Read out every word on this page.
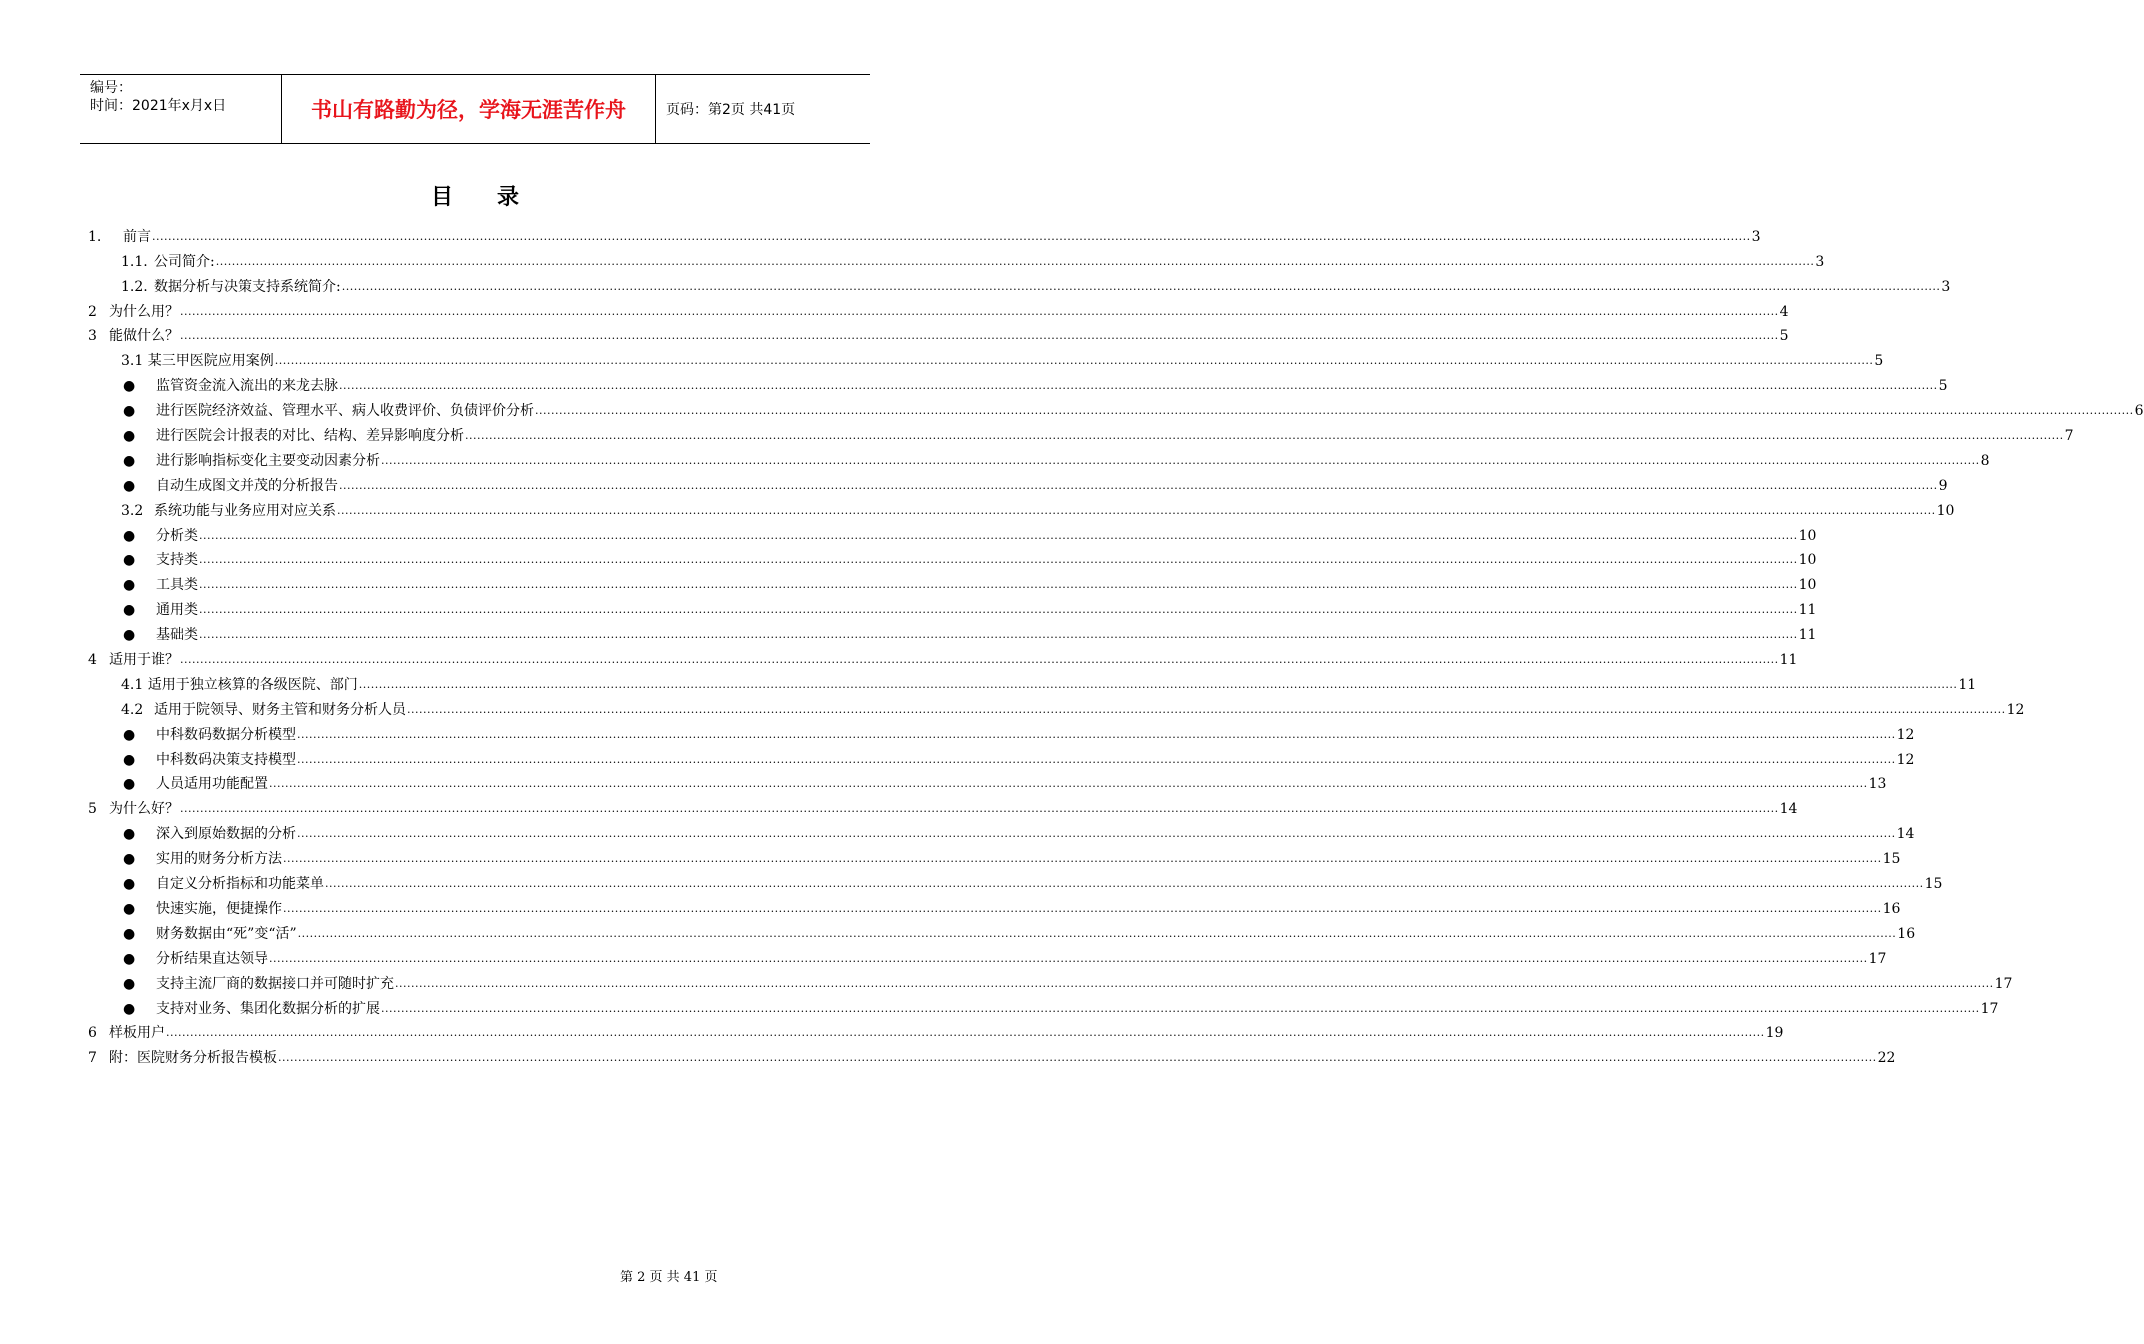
编号：
时间：2021年x月x日	书山有路勤为径，学海无涯苦作舟	页码：第2页 共41页
目录
1. 前言 ................................................................................................................................................................................................................................................................................................................................................................................................................ 3
1.1. 公司简介: ................................................................................................................................................................................................................................................................................................................................................................................................................ 3
1.2. 数据分析与决策支持系统简介: ................................................................................................................................................................................................................................................................................................................................................................................................................ 3
2 为什么用？ ................................................................................................................................................................................................................................................................................................................................................................................................................ 4
3 能做什么？ ................................................................................................................................................................................................................................................................................................................................................................................................................ 5
3.1 某三甲医院应用案例 ................................................................................................................................................................................................................................................................................................................................................................................................................ 5
● 监管资金流入流出的来龙去脉 ................................................................................................................................................................................................................................................................................................................................................................................................................ 5
● 进行医院经济效益、管理水平、病人收费评价、负债评价分析 ................................................................................................................................................................................................................................................................................................................................................................................................................ 6
● 进行医院会计报表的对比、结构、差异影响度分析 ................................................................................................................................................................................................................................................................................................................................................................................................................ 7
● 进行影响指标变化主要变动因素分析 ................................................................................................................................................................................................................................................................................................................................................................................................................ 8
● 自动生成图文并茂的分析报告 ................................................................................................................................................................................................................................................................................................................................................................................................................ 9
3.2 系统功能与业务应用对应关系 ................................................................................................................................................................................................................................................................................................................................................................................................................ 10
● 分析类 ................................................................................................................................................................................................................................................................................................................................................................................................................ 10
● 支持类 ................................................................................................................................................................................................................................................................................................................................................................................................................ 10
● 工具类 ................................................................................................................................................................................................................................................................................................................................................................................................................ 10
● 通用类 ................................................................................................................................................................................................................................................................................................................................................................................................................ 11
● 基础类 ................................................................................................................................................................................................................................................................................................................................................................................................................ 11
4 适用于谁？ ................................................................................................................................................................................................................................................................................................................................................................................................................ 11
4.1 适用于独立核算的各级医院、部门 ................................................................................................................................................................................................................................................................................................................................................................................................................ 11
4.2 适用于院领导、财务主管和财务分析人员 ................................................................................................................................................................................................................................................................................................................................................................................................................ 12
● 中科数码数据分析模型 ................................................................................................................................................................................................................................................................................................................................................................................................................ 12
● 中科数码决策支持模型 ................................................................................................................................................................................................................................................................................................................................................................................................................ 12
● 人员适用功能配置 ................................................................................................................................................................................................................................................................................................................................................................................................................ 13
5 为什么好？ ................................................................................................................................................................................................................................................................................................................................................................................................................ 14
● 深入到原始数据的分析 ................................................................................................................................................................................................................................................................................................................................................................................................................ 14
● 实用的财务分析方法 ................................................................................................................................................................................................................................................................................................................................................................................................................ 15
● 自定义分析指标和功能菜单 ................................................................................................................................................................................................................................................................................................................................................................................................................ 15
● 快速实施，便捷操作 ................................................................................................................................................................................................................................................................................................................................................................................................................ 16
● 财务数据由“死”变“活” ................................................................................................................................................................................................................................................................................................................................................................................................................ 16
● 分析结果直达领导 ................................................................................................................................................................................................................................................................................................................................................................................................................ 17
● 支持主流厂商的数据接口并可随时扩充 ................................................................................................................................................................................................................................................................................................................................................................................................................ 17
● 支持对业务、集团化数据分析的扩展 ................................................................................................................................................................................................................................................................................................................................................................................................................ 17
6 样板用户 ................................................................................................................................................................................................................................................................................................................................................................................................................ 19
7 附：医院财务分析报告模板 ................................................................................................................................................................................................................................................................................................................................................................................................................ 22
第 2 页 共 41 页
